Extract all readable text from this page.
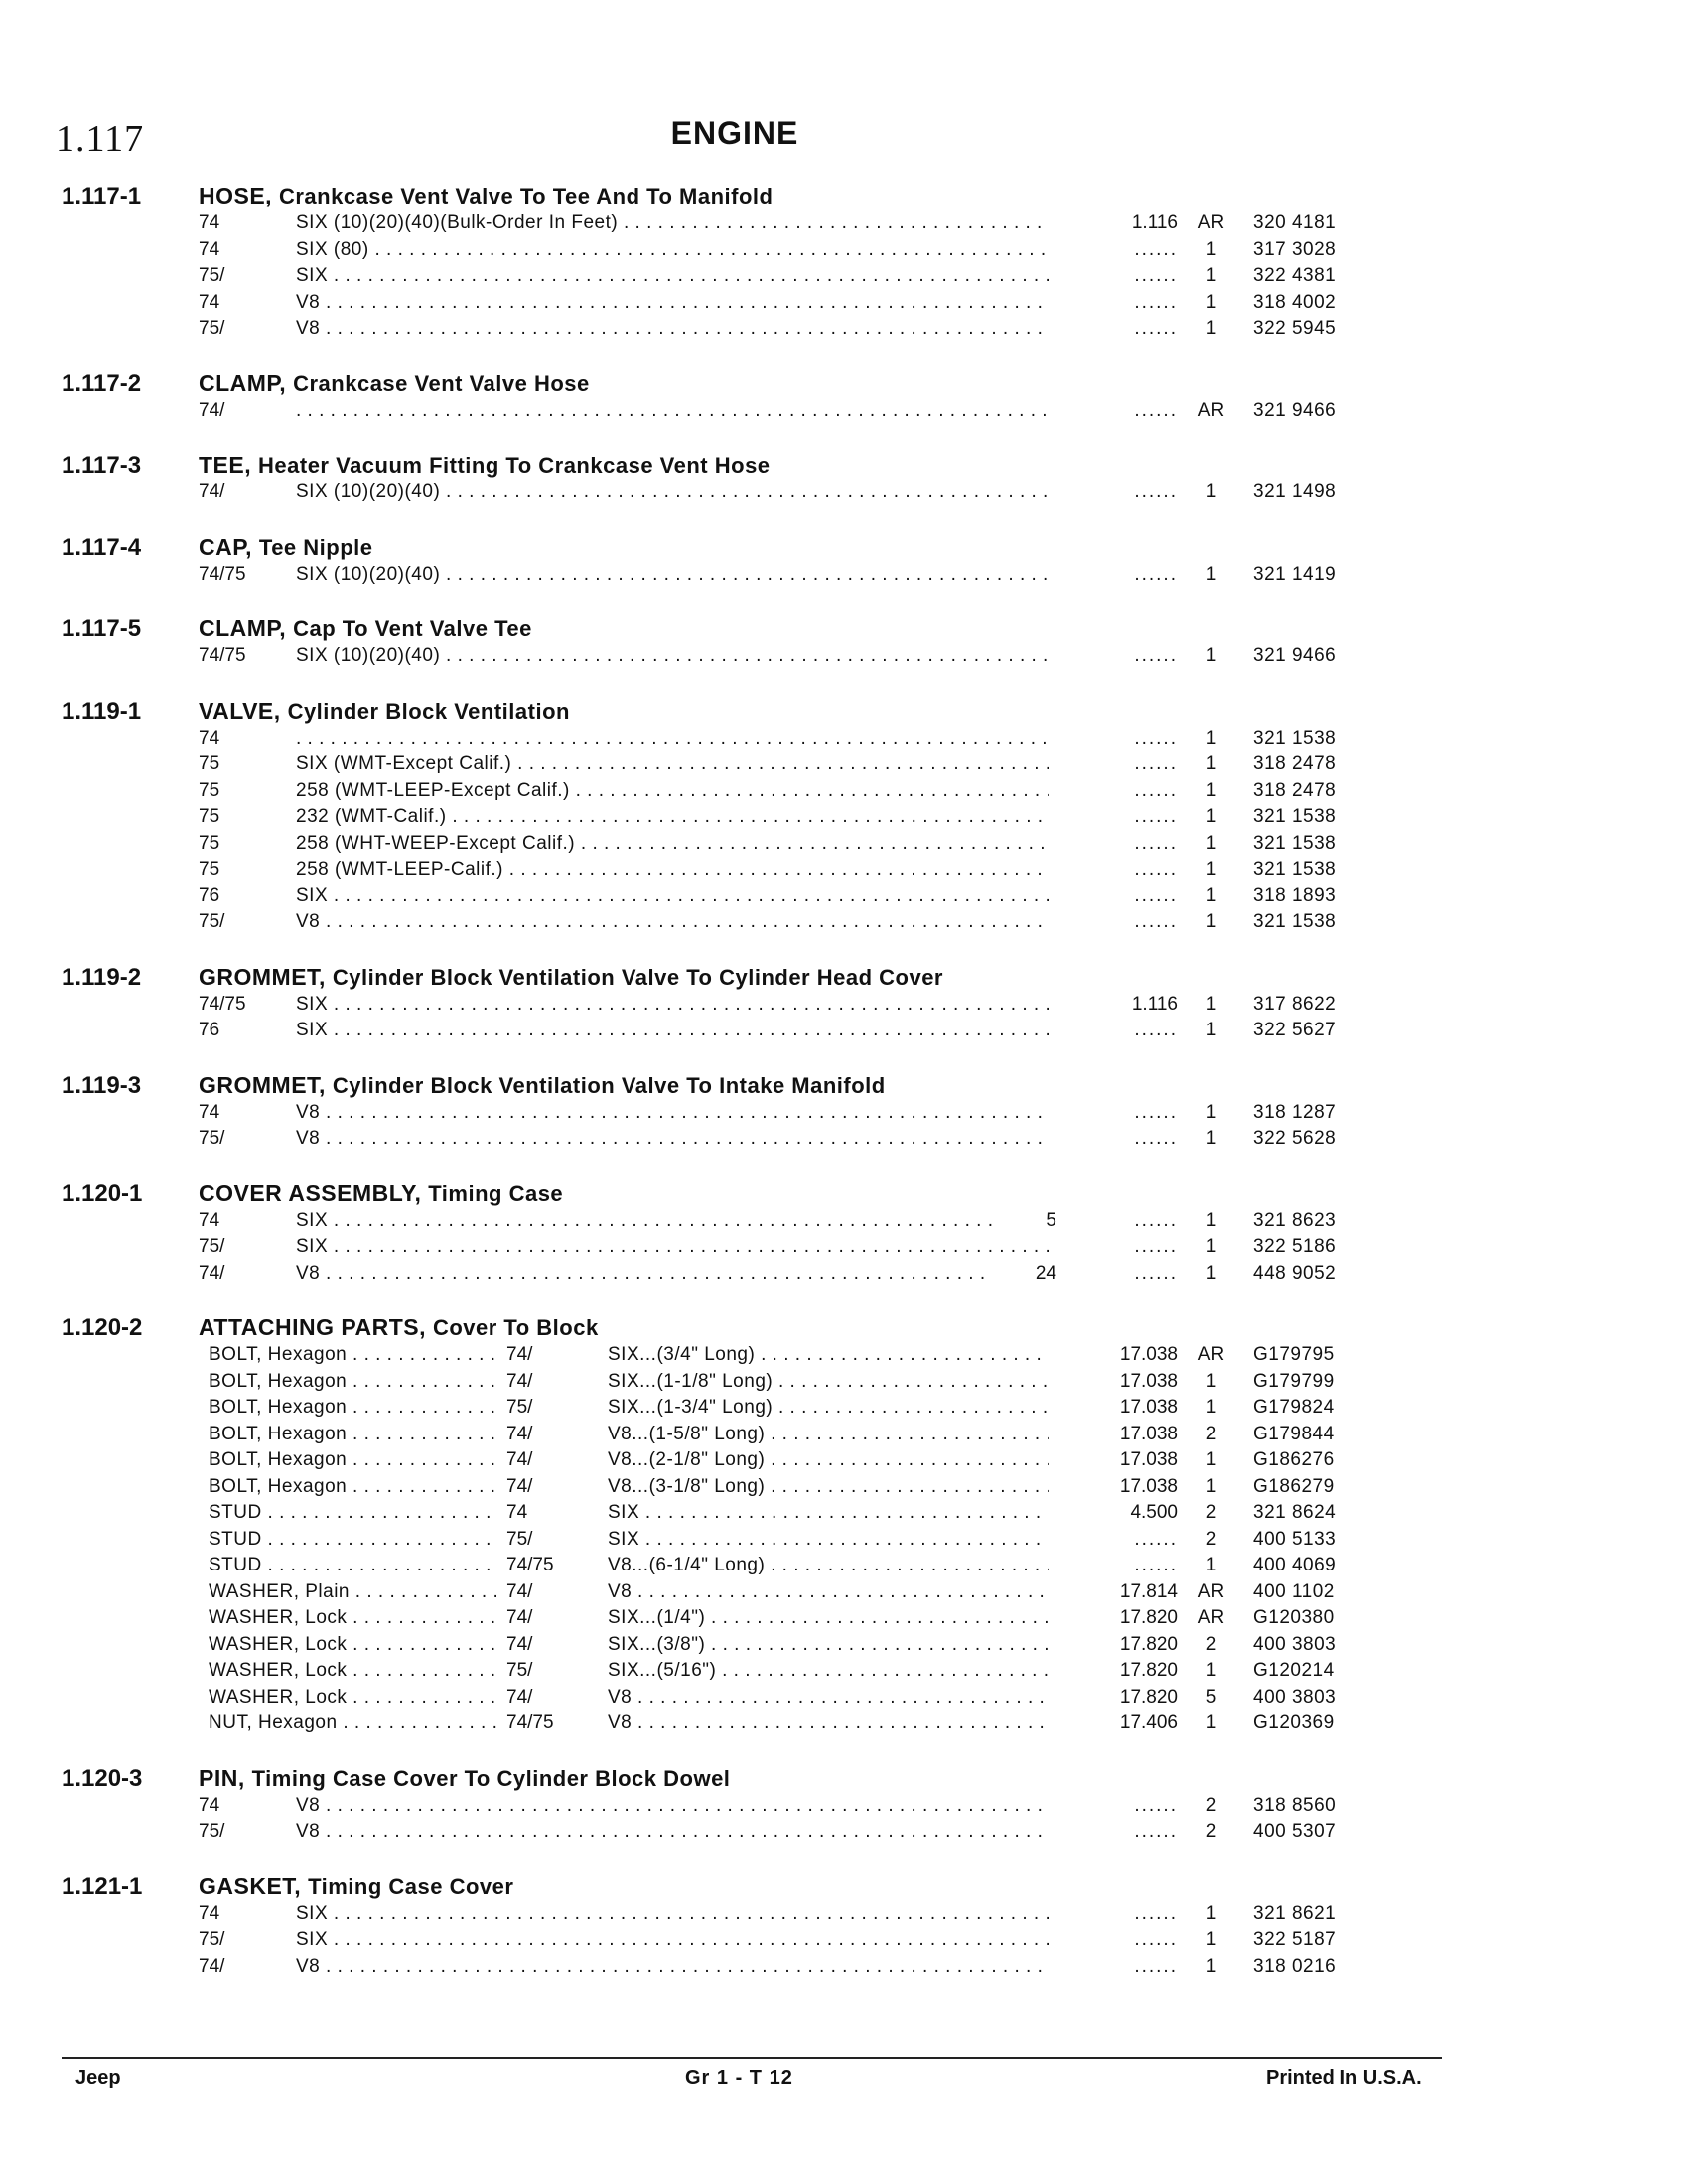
1.117	ENGINE
1.117-1	HOSE, Crankcase Vent Valve To Tee And To Manifold
74	SIX (10)(20)(40)(Bulk-Order In Feet) . . .	1.116	AR	320 4181
74	SIX (80) . . .	......	1	317 3028
75/	SIX . . .	......	1	322 4381
74	V8 . . .	......	1	318 4002
75/	V8 . . .	......	1	322 5945
1.117-2	CLAMP, Crankcase Vent Valve Hose
74/ . . .	......	AR	321 9466
1.117-3	TEE, Heater Vacuum Fitting To Crankcase Vent Hose
74/	SIX (10)(20)(40) . . .	......	1	321 1498
1.117-4	CAP, Tee Nipple
74/75	SIX (10)(20)(40) . . .	......	1	321 1419
1.117-5	CLAMP, Cap To Vent Valve Tee
74/75	SIX (10)(20)(40) . . .	......	1	321 9466
1.119-1	VALVE, Cylinder Block Ventilation
74 . . .	......	1	321 1538
75	SIX (WMT-Except Calif.) . . .	......	1	318 2478
75	258 (WMT-LEEP-Except Calif.) . . .	......	1	318 2478
75	232 (WMT-Calif.) . . .	......	1	321 1538
75	258 (WHT-WEEP-Except Calif.) . . .	......	1	321 1538
75	258 (WMT-LEEP-Calif.) . . .	......	1	321 1538
76	SIX . . .	......	1	318 1893
75/	V8 . . .	......	1	321 1538
1.119-2	GROMMET, Cylinder Block Ventilation Valve To Cylinder Head Cover
74/75	SIX . . .	1.116	1	317 8622
76	SIX . . .	......	1	322 5627
1.119-3	GROMMET, Cylinder Block Ventilation Valve To Intake Manifold
74	V8 . . .	......	1	318 1287
75/	V8 . . .	......	1	322 5628
1.120-1	COVER ASSEMBLY, Timing Case
74	SIX . . .	5	......	1	321 8623
75/	SIX . . .	......	1	322 5186
74/	V8 . . .	24	......	1	448 9052
1.120-2	ATTACHING PARTS, Cover To Block
BOLT, Hexagon . . .	74/	SIX...(3/4" Long) . . .	17.038	AR	G179795
BOLT, Hexagon . . .	74/	SIX...(1-1/8" Long) . . .	17.038	1	G179799
BOLT, Hexagon . . .	75/	SIX...(1-3/4" Long) . . .	17.038	1	G179824
BOLT, Hexagon . . .	74/	V8...(1-5/8" Long) . . .	17.038	2	G179844
BOLT, Hexagon . . .	74/	V8...(2-1/8" Long) . . .	17.038	1	G186276
BOLT, Hexagon . . .	74/	V8...(3-1/8" Long) . . .	17.038	1	G186279
STUD . . .	74	SIX . . .	4.500	2	321 8624
STUD . . .	75/	SIX . . .	......	2	400 5133
STUD . . .	74/75	V8...(6-1/4" Long) . . .	......	1	400 4069
WASHER, Plain . . .	74/	V8 . . .	17.814	AR	400 1102
WASHER, Lock . . .	74/	SIX...(1/4") . . .	17.820	AR	G120380
WASHER, Lock . . .	74/	SIX...(3/8") . . .	17.820	2	400 3803
WASHER, Lock . . .	75/	SIX...(5/16") . . .	17.820	1	G120214
WASHER, Lock . . .	74/	V8 . . .	17.820	5	400 3803
NUT, Hexagon . . .	74/75	V8 . . .	17.406	1	G120369
1.120-3	PIN, Timing Case Cover To Cylinder Block Dowel
74	V8 . . .	......	2	318 8560
75/	V8 . . .	......	2	400 5307
1.121-1	GASKET, Timing Case Cover
74	SIX . . .	......	1	321 8621
75/	SIX . . .	......	1	322 5187
74/	V8 . . .	......	1	318 0216
Jeep	Gr 1 - T 12	Printed In U.S.A.
